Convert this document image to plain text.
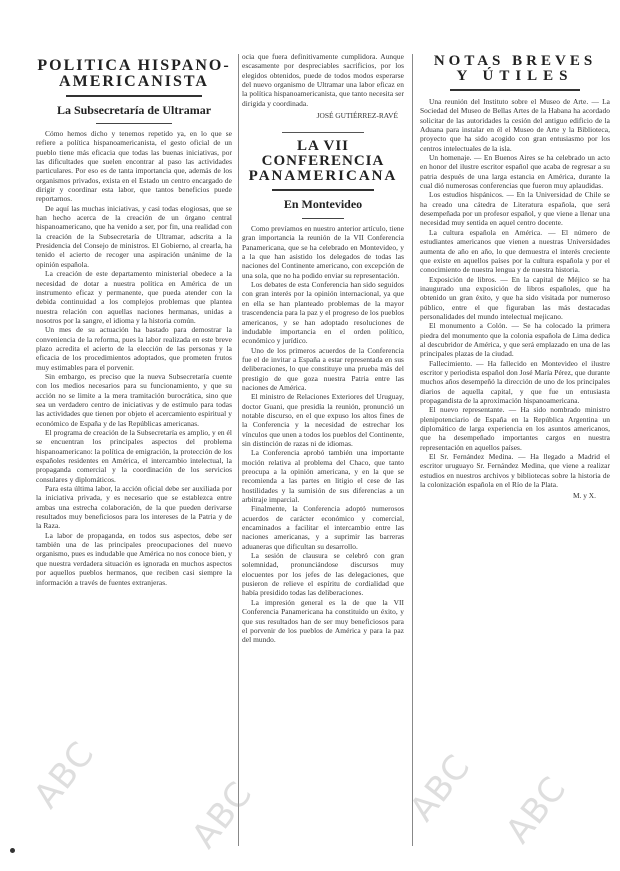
POLITICA HISPANO-

AMERICANISTA

La Subsecretaría de Ultramar

Cómo hemos dicho y tenemos repetido ya, en lo que se refiere a política hispanoamericanista, el gesto oficial de un pueblo tiene más eficacia que todas las buenas iniciativas, por las dificultades que suelen encontrar al paso las actividades particulares. Por eso es de tanta importancia que, además de los organismos privados, exista en el Estado un centro encargado de dirigir y coordinar esta labor, que tantos beneficios puede reportarnos.

De aquí las muchas iniciativas, y casi todas elogiosas, que se han hecho acerca de la creación de un órgano central hispanoamericano, que ha venido a ser, por fin, una realidad con la creación de la Subsecretaría de Ultramar, adscrita a la Presidencia del Consejo de ministros. El Gobierno, al crearla, ha tenido el acierto de recoger una aspiración unánime de la opinión española.

La creación de este departamento ministerial obedece a la necesidad de dotar a nuestra política en América de un instrumento eficaz y permanente, que pueda atender con la debida continuidad a los complejos problemas que plantea nuestra relación con aquellas naciones hermanas, unidas a nosotros por la sangre, el idioma y la historia común.

Un mes de su actuación ha bastado para demostrar la conveniencia de la reforma, pues la labor realizada en este breve plazo acredita el acierto de la elección de las personas y la eficacia de los procedimientos adoptados, que prometen frutos muy estimables para el porvenir.

Sin embargo, es preciso que la nueva Subsecretaría cuente con los medios necesarios para su funcionamiento, y que su acción no se limite a la mera tramitación burocrática, sino que sea un verdadero centro de iniciativas y de estímulo para todas las actividades que tienen por objeto el acercamiento espiritual y económico de España y de las Repúblicas americanas.

El programa de creación de la Subsecretaría es amplio, y en él se encuentran los principales aspectos del problema hispanoamericano: la política de emigración, la protección de los españoles residentes en América, el intercambio intelectual, la propaganda comercial y la coordinación de los servicios consulares y diplomáticos.

Para esta última labor, la acción oficial debe ser auxiliada por la iniciativa privada, y es necesario que se establezca entre ambas una estrecha colaboración, de la que pueden derivarse resultados muy beneficiosos para los intereses de la Patria y de la Raza.

La labor de propaganda, en todos sus aspectos, debe ser también una de las principales preocupaciones del nuevo organismo, pues es indudable que América no nos conoce bien, y que nuestra verdadera situación es ignorada en muchos aspectos por aquellos pueblos hermanos, que reciben casi siempre la información a través de fuentes extranjeras.

ocia que fuera definitivamente cumplidora. Aunque escasamente por despreciables sacrificios, por los elegidos obtenidos, puede de todos modos esperarse del nuevo organismo de Ultramar una labor eficaz en la política hispanoamericanista, que tanto necesita ser dirigida y coordinada.

JOSÉ GUTIÉRREZ-RAVÉ

LA VII CONFERENCIA

PANAMERICANA

En Montevideo

Como prevíamos en nuestro anterior artículo, tiene gran importancia la reunión de la VII Conferencia Panamericana, que se ha celebrado en Montevideo, y a la que han asistido los delegados de todas las naciones del Continente americano, con excepción de una sola, que no ha podido enviar su representación.

Los debates de esta Conferencia han sido seguidos con gran interés por la opinión internacional, ya que en ella se han planteado problemas de la mayor trascendencia para la paz y el progreso de los pueblos americanos, y se han adoptado resoluciones de indudable importancia en el orden político, económico y jurídico.

Uno de los primeros acuerdos de la Conferencia fue el de invitar a España a estar representada en sus deliberaciones, lo que constituye una prueba más del prestigio de que goza nuestra Patria entre las naciones de América.

El ministro de Relaciones Exteriores del Uruguay, doctor Guani, que presidía la reunión, pronunció un notable discurso, en el que expuso los altos fines de la Conferencia y la necesidad de estrechar los vínculos que unen a todos los pueblos del Continente, sin distinción de razas ni de idiomas.

La Conferencia aprobó también una importante moción relativa al problema del Chaco, que tanto preocupa a la opinión americana, y en la que se recomienda a las partes en litigio el cese de las hostilidades y la sumisión de sus diferencias a un arbitraje imparcial.

Finalmente, la Conferencia adoptó numerosos acuerdos de carácter económico y comercial, encaminados a facilitar el intercambio entre las naciones americanas, y a suprimir las barreras aduaneras que dificultan su desarrollo.

La sesión de clausura se celebró con gran solemnidad, pronunciándose discursos muy elocuentes por los jefes de las delegaciones, que pusieron de relieve el espíritu de cordialidad que había presidido todas las deliberaciones.

La impresión general es la de que la VII Conferencia Panamericana ha constituido un éxito, y que sus resultados han de ser muy beneficiosos para el porvenir de los pueblos de América y para la paz del mundo.

NOTAS BREVES

Y ÚTILES

Una reunión del Instituto sobre el Museo de Arte. — La Sociedad del Museo de Bellas Artes de la Habana ha acordado solicitar de las autoridades la cesión del antiguo edificio de la Aduana para instalar en él el Museo de Arte y la Biblioteca, proyecto que ha sido acogido con gran entusiasmo por los centros intelectuales de la isla.

Un homenaje. — En Buenos Aires se ha celebrado un acto en honor del ilustre escritor español que acaba de regresar a su patria después de una larga estancia en América, durante la cual dió numerosas conferencias que fueron muy aplaudidas.

Los estudios hispánicos. — En la Universidad de Chile se ha creado una cátedra de Literatura española, que será desempeñada por un profesor español, y que viene a llenar una necesidad muy sentida en aquel centro docente.

La cultura española en América. — El número de estudiantes americanos que vienen a nuestras Universidades aumenta de año en año, lo que demuestra el interés creciente que existe en aquellos países por la cultura española y por el conocimiento de nuestra lengua y de nuestra historia.

Exposición de libros. — En la capital de Méjico se ha inaugurado una exposición de libros españoles, que ha obtenido un gran éxito, y que ha sido visitada por numeroso público, entre el que figuraban las más destacadas personalidades del mundo intelectual mejicano.

El monumento a Colón. — Se ha colocado la primera piedra del monumento que la colonia española de Lima dedica al descubridor de América, y que será emplazado en una de las principales plazas de la ciudad.

Fallecimiento. — Ha fallecido en Montevideo el ilustre escritor y periodista español don José María Pérez, que durante muchos años desempeñó la dirección de uno de los principales diarios de aquella capital, y que fue un entusiasta propagandista de la aproximación hispanoamericana.

El nuevo representante. — Ha sido nombrado ministro plenipotenciario de España en la República Argentina un diplomático de larga experiencia en los asuntos americanos, que ha desempeñado importantes cargos en nuestra representación en aquellos países.

El Sr. Fernández Medina. — Ha llegado a Madrid el escritor uruguayo Sr. Fernández Medina, que viene a realizar estudios en nuestros archivos y bibliotecas sobre la historia de la colonización española en el Río de la Plata.

M. y X.

ABC ABC	ABC ABC
